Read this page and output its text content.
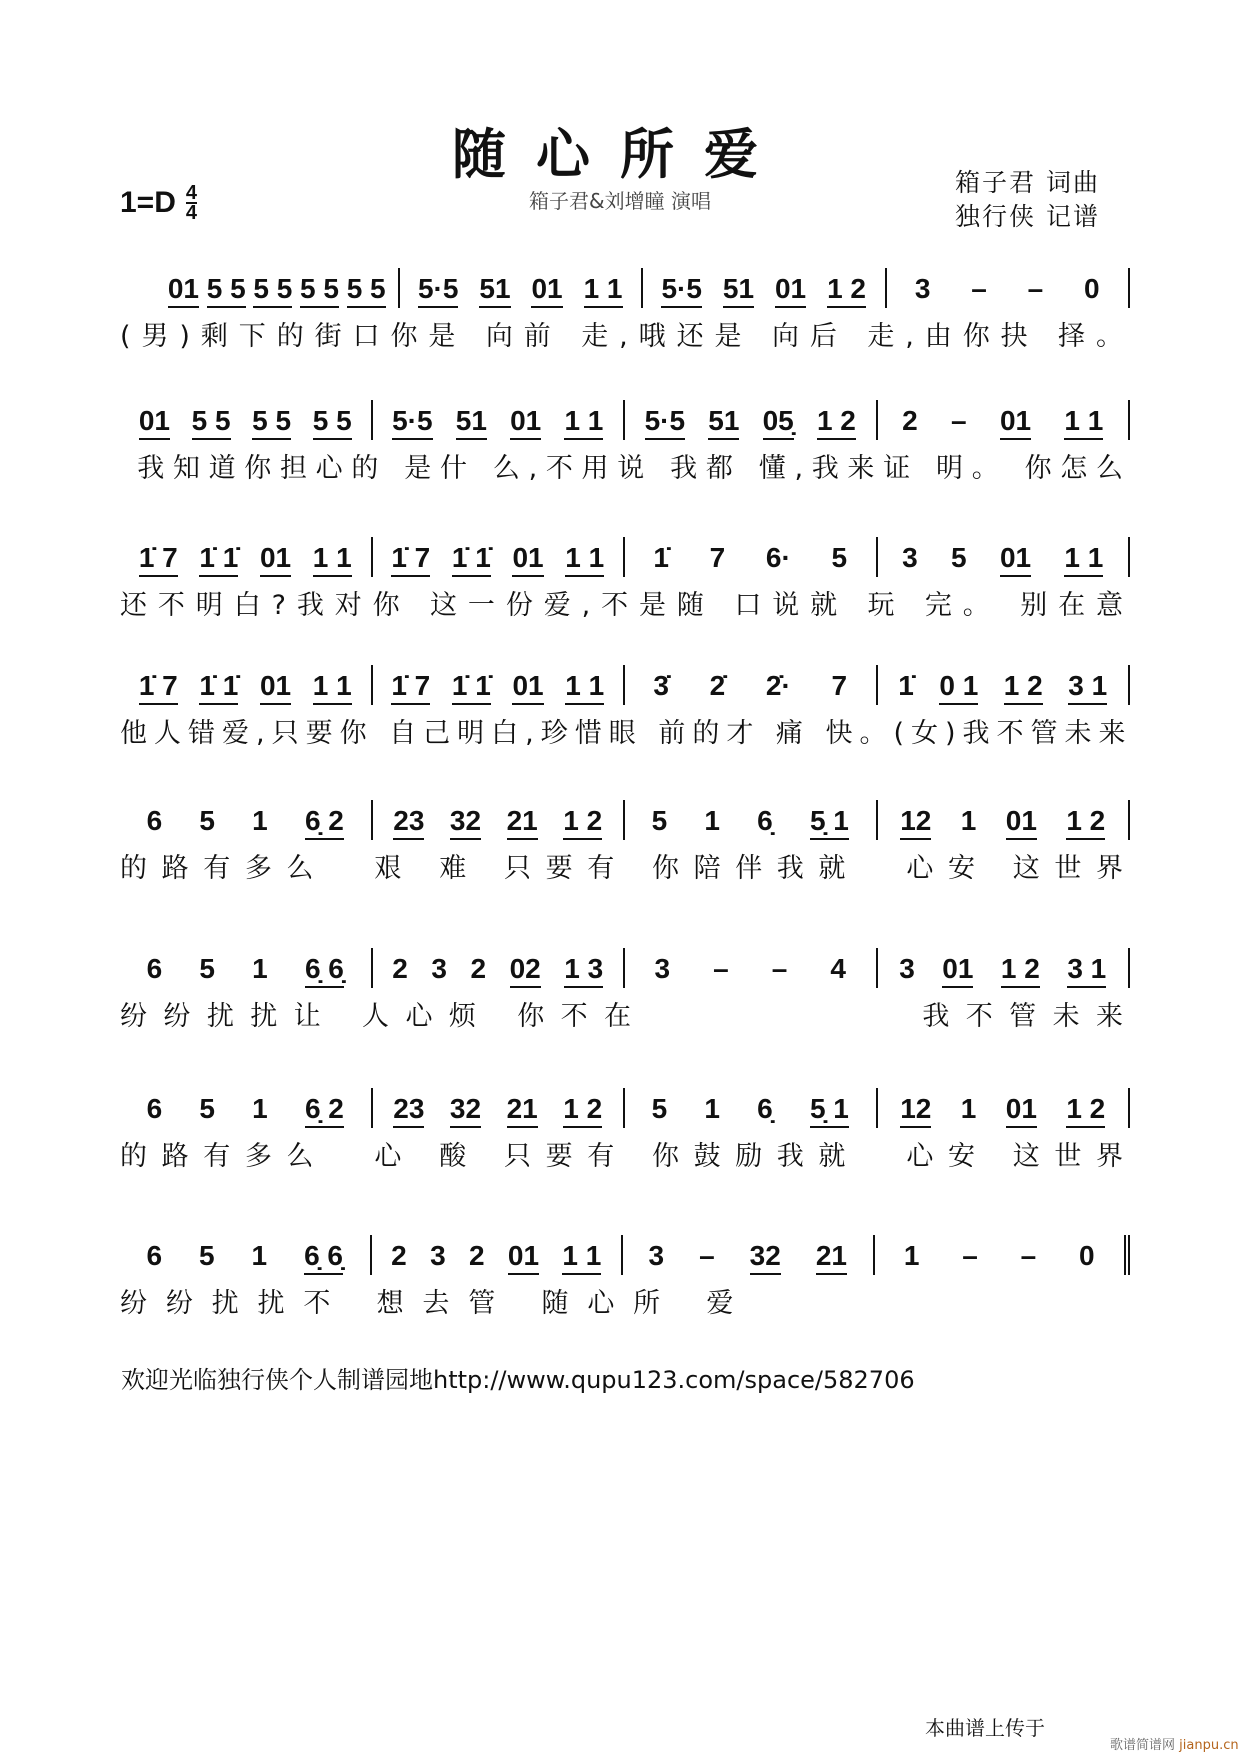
随心所爱
箱子君&刘增瞳 演唱
$1=D \frac{4}{4}$
箱子君 词曲
独行侠 记谱
01 5 5 5 5 5 5 5 5 5·5 51 01 1 1 5·5 51 01 1 2 3 – – 0
(男)剩下的街口你是 向前 走,哦还是 向后 走,由你抉 择。
01 5 5 5 5 5 5 5·5 51 01 1 1 5·5 51 05̣ 1 2 2 – 01 1 1
我知道你担心的 是什 么,不用说 我都 懂,我来证 明。 你怎么
1̇ 7 1̇ 1̇ 01 1 1 1̇ 7 1̇ 1̇ 01 1 1 1̇ 7 6· 5 3 5 01 1 1
还不明白?我对你 这一份爱,不是随 口说就 玩 完。 别在意
1̇ 7 1̇ 1̇ 01 1 1 1̇ 7 1̇ 1̇ 01 1 1 3̇ 2̇ 2̇· 7 1̇ 0 1 1 2 3 1
他人错爱,只要你 自己明白,珍惜眼 前的才 痛 快。(女)我不管未来
6 5 1 6̣ 2 23 32 21 1 2 5 1 6̣ 5̣ 1 12 1 01 1 2
的路有多么  艰 难 只要有 你陪伴我就  心安 这世界
6 5 1 6̣ 6̣ 2 3 2 02 1 3 3 – – 4 3 01 1 2 3 1
纷纷扰扰让 人心烦 你不在           我不管未来
6 5 1 6̣ 2 23 32 21 1 2 5 1 6̣ 5̣ 1 12 1 01 1 2
的路有多么  心 酸 只要有 你鼓励我就  心安 这世界
6 5 1 6̣ 6̣ 2 3 2 01 1 1 3 – 32 21 1 – – 0
纷纷扰扰不 想去管 随心所 爱
欢迎光临独行侠个人制谱园地http://www.qupu123.com/space/582706
本曲谱上传于
歌谱简谱网 jianpu.cn
